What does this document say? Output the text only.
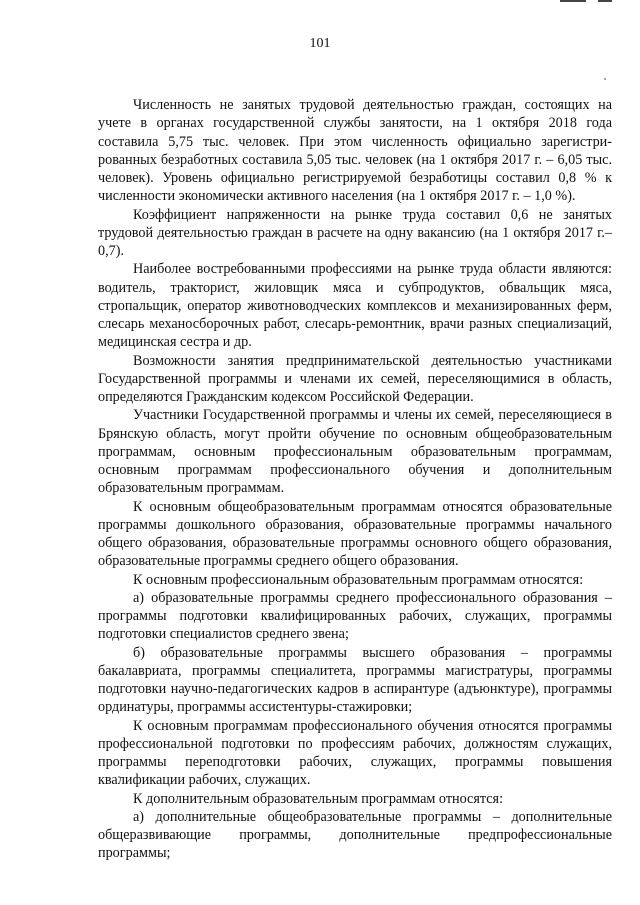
101

Численность не занятых трудовой деятельностью граждан, состоящих на учете в органах государственной службы занятости, на 1 октября 2018 года составила 5,75 тыс. человек. При этом численность официально зарегистрированных безработных составила 5,05 тыс. человек (на 1 октября 2017 г. – 6,05 тыс. человек). Уровень официально регистрируемой безработицы составил 0,8 % к численности экономически активного населения (на 1 октября 2017 г. – 1,0 %).

Коэффициент напряженности на рынке труда составил 0,6 не занятых трудовой деятельностью граждан в расчете на одну вакансию (на 1 октября 2017 г.– 0,7).

Наиболее востребованными профессиями на рынке труда области являются: водитель, тракторист, жиловщик мяса и субпродуктов, обвальщик мяса, стропальщик, оператор животноводческих комплексов и механизированных ферм, слесарь механосборочных работ, слесарь-ремонтник, врачи разных специализаций, медицинская сестра и др.

Возможности занятия предпринимательской деятельностью участниками Государственной программы и членами их семей, переселяющимися в область, определяются Гражданским кодексом Российской Федерации.

Участники Государственной программы и члены их семей, переселяющиеся в Брянскую область, могут пройти обучение по основным общеобразовательным программам, основным профессиональным образовательным программам, основным программам профессионального обучения и дополнительным образовательным программам.

К основным общеобразовательным программам относятся образовательные программы дошкольного образования, образовательные программы начального общего образования, образовательные программы основного общего образования, образовательные программы среднего общего образования.

К основным профессиональным образовательным программам относятся:

а) образовательные программы среднего профессионального образования – программы подготовки квалифицированных рабочих, служащих, программы подготовки специалистов среднего звена;

б) образовательные программы высшего образования – программы бакалавриата, программы специалитета, программы магистратуры, программы подготовки научно-педагогических кадров в аспирантуре (адъюнктуре), программы ординатуры, программы ассистентуры-стажировки;

К основным программам профессионального обучения относятся программы профессиональной подготовки по профессиям рабочих, должностям служащих, программы переподготовки рабочих, служащих, программы повышения квалификации рабочих, служащих.

К дополнительным образовательным программам относятся:

а) дополнительные общеобразовательные программы – дополнительные общеразвивающие программы, дополнительные предпрофессиональные программы;
